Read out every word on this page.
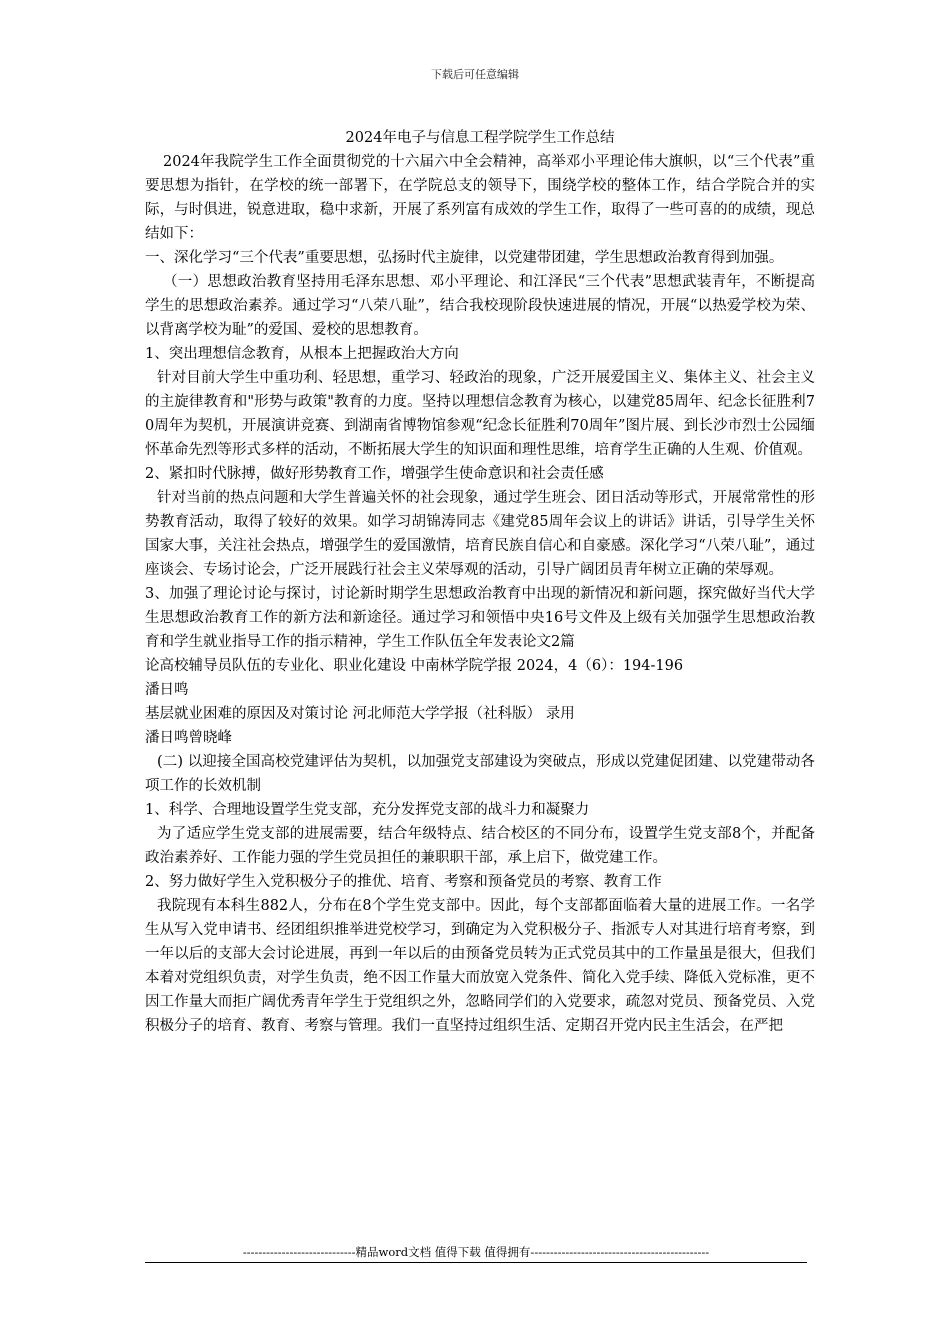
下载后可任意编辑

2024年电子与信息工程学院学生工作总结

2024年我院学生工作全面贯彻党的十六届六中全会精神，高举邓小平理论伟大旗帜，以“三个代表”重要思想为指针，在学校的统一部署下，在学院总支的领导下，围绕学校的整体工作，结合学院合并的实际，与时俱进，锐意进取，稳中求新，开展了系列富有成效的学生工作，取得了一些可喜的的成绩，现总结如下：

一、深化学习“三个代表”重要思想，弘扬时代主旋律，以党建带团建，学生思想政治教育得到加强。

（一）思想政治教育坚持用毛泽东思想、邓小平理论、和江泽民“三个代表”思想武装青年，不断提高学生的思想政治素养。通过学习“八荣八耻”，结合我校现阶段快速进展的情况，开展“以热爱学校为荣、以背离学校为耻”的爱国、爱校的思想教育。

1、突出理想信念教育，从根本上把握政治大方向

针对目前大学生中重功利、轻思想，重学习、轻政治的现象，广泛开展爱国主义、集体主义、社会主义的主旋律教育和"形势与政策"教育的力度。坚持以理想信念教育为核心，以建党85周年、纪念长征胜利70周年为契机，开展演讲竞赛、到湖南省博物馆参观“纪念长征胜利70周年”图片展、到长沙市烈士公园缅怀革命先烈等形式多样的活动，不断拓展大学生的知识面和理性思维，培育学生正确的人生观、价值观。

2、紧扣时代脉搏，做好形势教育工作，增强学生使命意识和社会责任感

针对当前的热点问题和大学生普遍关怀的社会现象，通过学生班会、团日活动等形式，开展常常性的形势教育活动，取得了较好的效果。如学习胡锦涛同志《建党85周年会议上的讲话》讲话，引导学生关怀国家大事，关注社会热点，增强学生的爱国激情，培育民族自信心和自豪感。深化学习“八荣八耻”，通过座谈会、专场讨论会，广泛开展践行社会主义荣辱观的活动，引导广阔团员青年树立正确的荣辱观。

3、加强了理论讨论与探讨，讨论新时期学生思想政治教育中出现的新情况和新问题，探究做好当代大学生思想政治教育工作的新方法和新途径。通过学习和领悟中央16号文件及上级有关加强学生思想政治教育和学生就业指导工作的指示精神，学生工作队伍全年发表论文2篇

论高校辅导员队伍的专业化、职业化建设 中南林学院学报 2024，4（6）：194-196

潘日鸣

基层就业困难的原因及对策讨论 河北师范大学学报（社科版） 录用

潘日鸣曾晓峰

(二) 以迎接全国高校党建评估为契机，以加强党支部建设为突破点，形成以党建促团建、以党建带动各项工作的长效机制

1、科学、合理地设置学生党支部，充分发挥党支部的战斗力和凝聚力

为了适应学生党支部的进展需要，结合年级特点、结合校区的不同分布，设置学生党支部8个，并配备政治素养好、工作能力强的学生党员担任的兼职职干部，承上启下，做党建工作。

2、努力做好学生入党积极分子的推优、培育、考察和预备党员的考察、教育工作

我院现有本科生882人，分布在8个学生党支部中。因此，每个支部都面临着大量的进展工作。一名学生从写入党申请书、经团组织推举进党校学习，到确定为入党积极分子、指派专人对其进行培育考察，到一年以后的支部大会讨论进展，再到一年以后的由预备党员转为正式党员其中的工作量虽是很大，但我们本着对党组织负责，对学生负责，绝不因工作量大而放宽入党条件、简化入党手续、降低入党标准，更不因工作量大而拒广阔优秀青年学生于党组织之外，忽略同学们的入党要求，疏忽对党员、预备党员、入党积极分子的培育、教育、考察与管理。我们一直坚持过组织生活、定期召开党内民主生活会，在严把

-----------------------------精品word文档 值得下载 值得拥有----------------------------------------------
